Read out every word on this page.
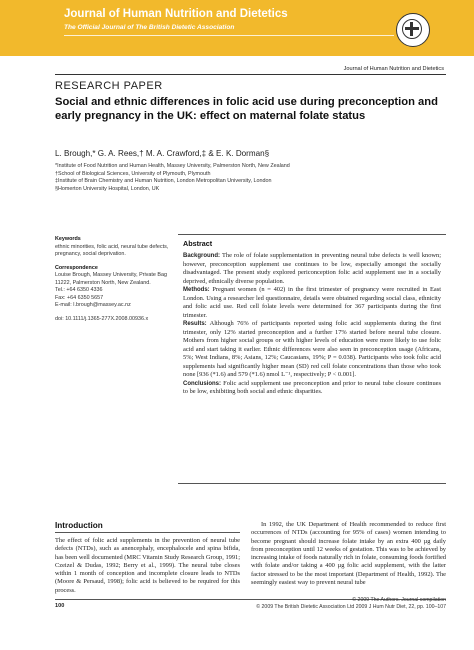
Journal of Human Nutrition and Dietetics
The Official Journal of The British Dietetic Association
Journal of Human Nutrition and Dietetics
RESEARCH PAPER
Social and ethnic differences in folic acid use during preconception and early pregnancy in the UK: effect on maternal folate status
L. Brough,* G. A. Rees,† M. A. Crawford,‡ & E. K. Dorman§
*Institute of Food Nutrition and Human Health, Massey University, Palmerston North, New Zealand
†School of Biological Sciences, University of Plymouth, Plymouth
‡Institute of Brain Chemistry and Human Nutrition, London Metropolitan University, London
§Homerton University Hospital, London, UK
Keywords
ethnic minorities, folic acid, neural tube defects, pregnancy, social deprivation.
Correspondence
Louise Brough, Massey University, Private Bag
11222, Palmerston North, New Zealand.
Tel.: +64 6350 4336
Fax: +64 6350 5657
E-mail: l.brough@massey.ac.nz
doi: 10.1111/j.1365-277X.2008.00936.x
Abstract

Background: The role of folate supplementation in preventing neural tube defects is well known; however, preconception supplement use continues to be low, especially amongst the socially disadvantaged. The present study explored periconception folic acid supplement use in a socially deprived, ethnically diverse population.

Methods: Pregnant women (n = 402) in the first trimester of pregnancy were recruited in East London. Using a researcher led questionnaire, details were obtained regarding social class, ethnicity and folic acid use. Red cell folate levels were determined for 367 participants during the first trimester.

Results: Although 76% of participants reported using folic acid supplements during the first trimester, only 12% started preconception and a further 17% started before neural tube closure. Mothers from higher social groups or with higher levels of education were more likely to use folic acid and start taking it earlier. Ethnic differences were also seen in preconception usage (Africans, 5%; West Indians, 8%; Asians, 12%; Caucasians, 19%; P = 0.038). Participants who took folic acid supplements had significantly higher mean (SD) red cell folate concentrations than those who took none [936 (*1.6) and 579 (*1.6) nmol L⁻¹, respectively; P < 0.001].

Conclusions: Folic acid supplement use preconception and prior to neural tube closure continues to be low, exhibiting both social and ethnic disparities.

Introduction

The effect of folic acid supplements in the prevention of neural tube defects (NTDs), such as anencephaly, encephalocele and spina bifida, has been well documented (MRC Vitamin Study Research Group, 1991; Czeizel & Dudas, 1992; Berry et al., 1999). The neural tube closes within 1 month of conception and incomplete closure leads to NTDs (Moore & Persaud, 1998); folic acid is believed to be required for this process.

In 1992, the UK Department of Health recommended to reduce first occurrences of NTDs (accounting for 95% of cases) women intending to become pregnant should increase folate intake by an extra 400 µg daily from preconception until 12 weeks of gestation. This was to be achieved by increasing intake of foods naturally rich in folate, consuming foods fortified with folate and/or taking a 400 µg folic acid supplement, with the latter factor stressed to be the most important (Department of Health, 1992). The seemingly easiest way to prevent neural tube

100
© 2009 The Authors. Journal compilation
© 2009 The British Dietetic Association Ltd 2009 J Hum Nutr Diet, 22, pp. 100–107
